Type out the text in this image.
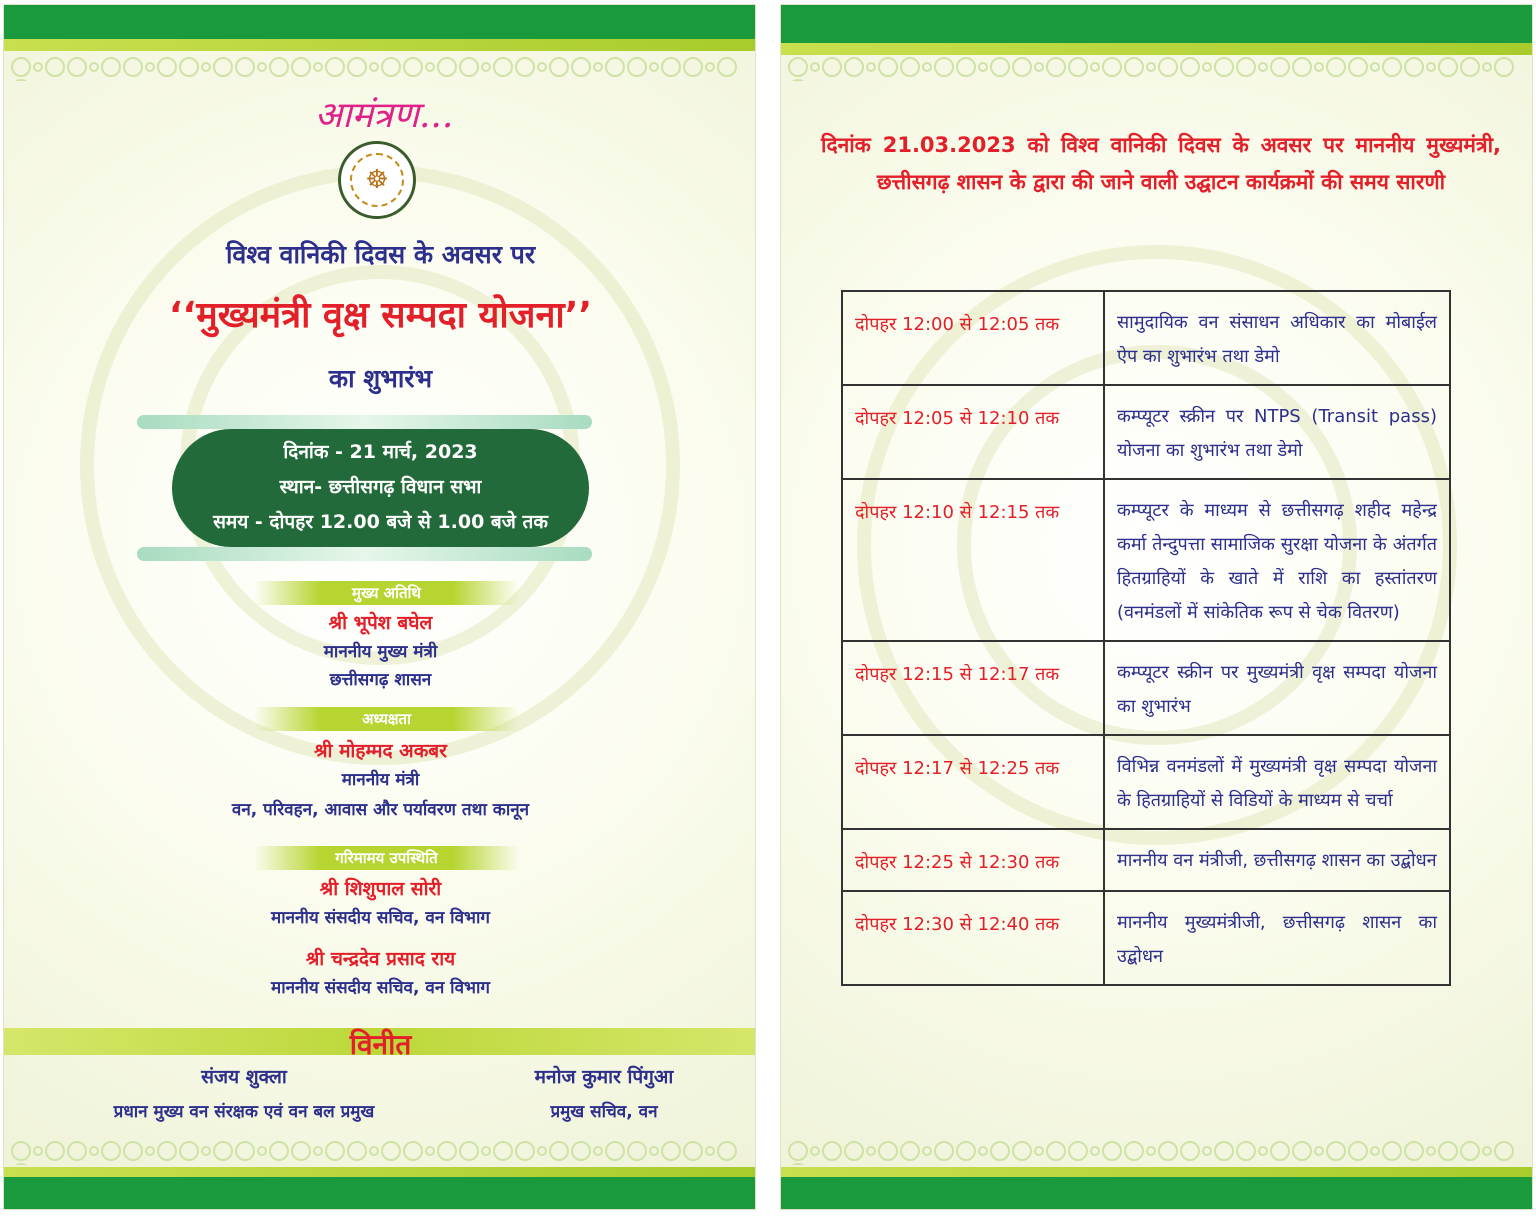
आमंत्रण...
☸
विश्व वानिकी दिवस के अवसर पर
‘‘मुख्यमंत्री वृक्ष सम्पदा योजना’’
का शुभारंभ
दिनांक - 21 मार्च, 2023
स्थान- छत्तीसगढ़ विधान सभा
समय - दोपहर 12.00 बजे से 1.00 बजे तक
मुख्य अतिथि
श्री भूपेश बघेल
माननीय मुख्य मंत्री
छत्तीसगढ़ शासन
अध्यक्षता
श्री मोहम्मद अकबर
माननीय मंत्री
वन, परिवहन, आवास और पर्यावरण तथा कानून
गरिमामय उपस्थिति
श्री शिशुपाल सोरी
माननीय संसदीय सचिव, वन विभाग
श्री चन्द्रदेव प्रसाद राय
माननीय संसदीय सचिव, वन विभाग
विनीत
संजय शुक्ला
प्रधान मुख्य वन संरक्षक एवं वन बल प्रमुख
मनोज कुमार पिंगुआ
प्रमुख सचिव, वन
दिनांक 21.03.2023 को विश्व वानिकी दिवस के अवसर पर माननीय मुख्यमंत्री, छत्तीसगढ़ शासन के द्वारा की जाने वाली उद्घाटन कार्यक्रमों की समय सारणी
दोपहर 12:00 से 12:05 तक	सामुदायिक वन संसाधन अधिकार का मोबाईल ऐप का शुभारंभ तथा डेमो
दोपहर 12:05 से 12:10 तक	कम्प्यूटर स्क्रीन पर NTPS (Transit pass) योजना का शुभारंभ तथा डेमो
दोपहर 12:10 से 12:15 तक	कम्प्यूटर के माध्यम से छत्तीसगढ़ शहीद महेन्द्र कर्मा तेन्दुपत्ता सामाजिक सुरक्षा योजना के अंतर्गत हितग्राहियों के खाते में राशि का हस्तांतरण (वनमंडलों में सांकेतिक रूप से चेक वितरण)
दोपहर 12:15 से 12:17 तक	कम्प्यूटर स्क्रीन पर मुख्यमंत्री वृक्ष सम्पदा योजना का शुभारंभ
दोपहर 12:17 से 12:25 तक	विभिन्न वनमंडलों में मुख्यमंत्री वृक्ष सम्पदा योजना के हितग्राहियों से विडियों के माध्यम से चर्चा
दोपहर 12:25 से 12:30 तक	माननीय वन मंत्रीजी, छत्तीसगढ़ शासन का उद्बोधन
दोपहर 12:30 से 12:40 तक	माननीय मुख्यमंत्रीजी, छत्तीसगढ़ शासन का उद्बोधन
